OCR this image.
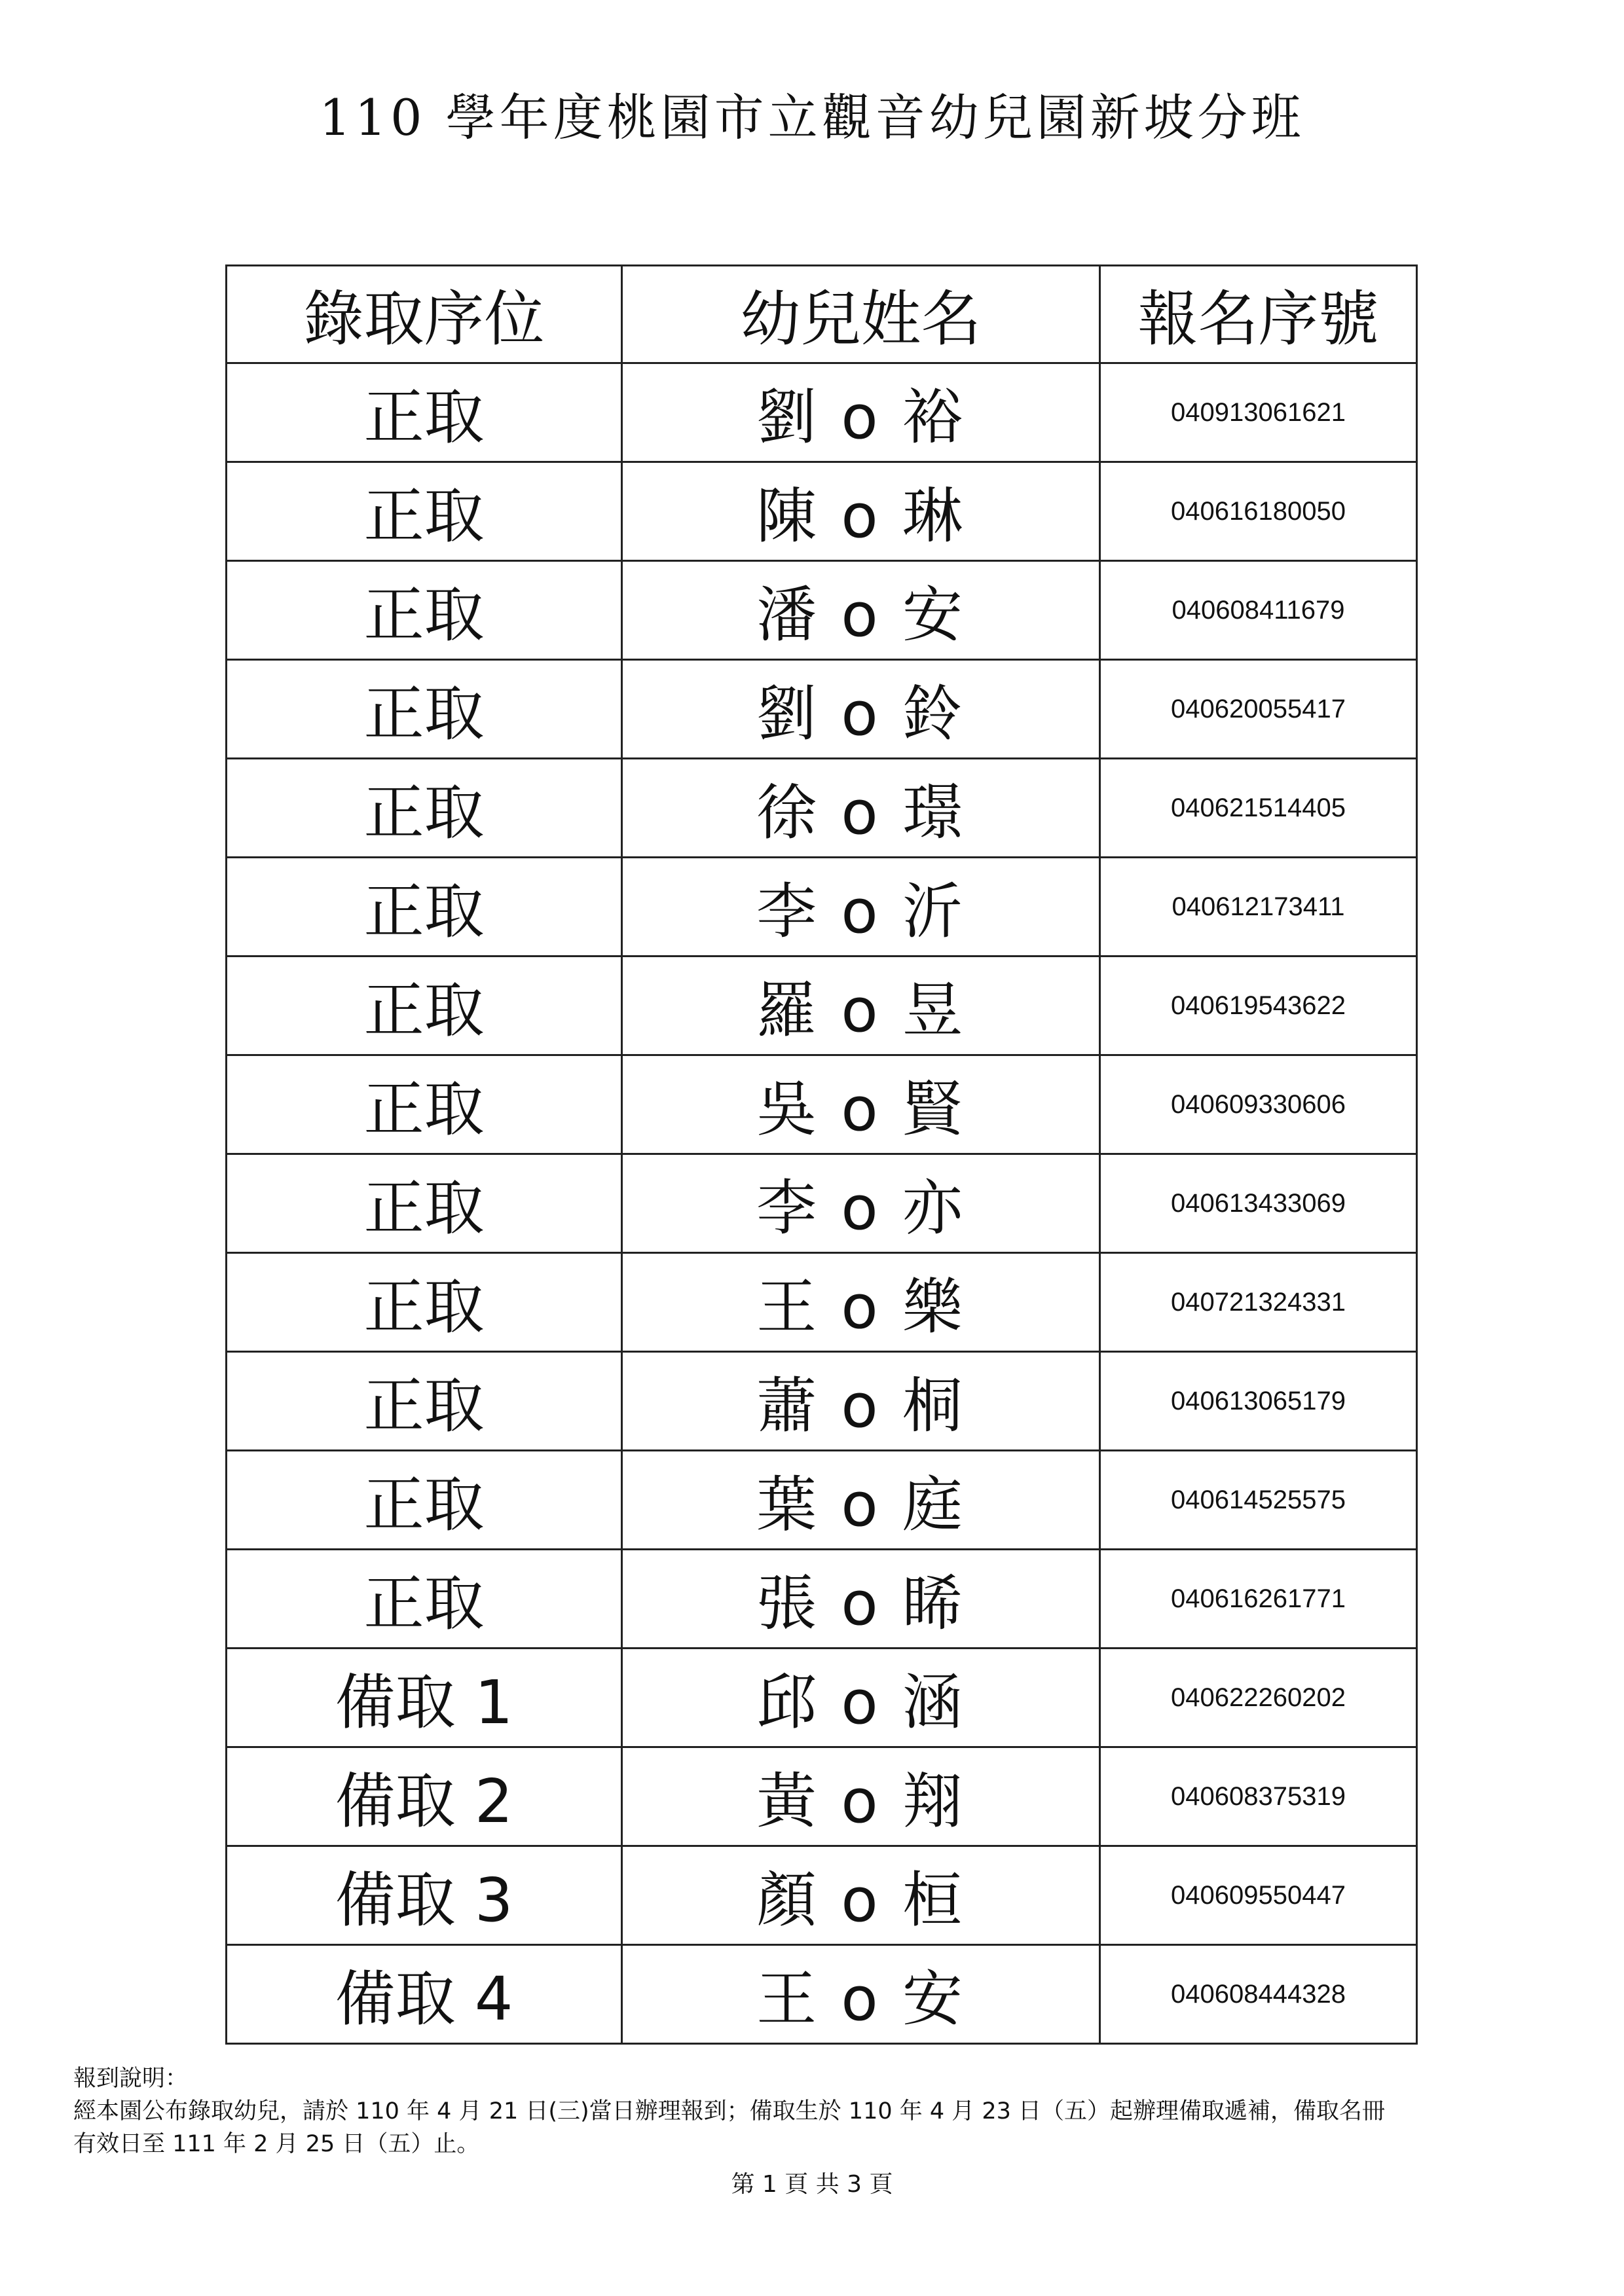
110 學年度桃園市立觀音幼兒園新坡分班
錄取序位	幼兒姓名	報名序號
正取	劉 o 裕	040913061621
正取	陳 o 琳	040616180050
正取	潘 o 安	040608411679
正取	劉 o 鈴	040620055417
正取	徐 o 璟	040621514405
正取	李 o 沂	040612173411
正取	羅 o 昱	040619543622
正取	吳 o 賢	040609330606
正取	李 o 亦	040613433069
正取	王 o 樂	040721324331
正取	蕭 o 桐	040613065179
正取	葉 o 庭	040614525575
正取	張 o 睎	040616261771
備取 1	邱 o 涵	040622260202
備取 2	黃 o 翔	040608375319
備取 3	顏 o 桓	040609550447
備取 4	王 o 安	040608444328
報到說明：
經本園公布錄取幼兒，請於 110 年 4 月 21 日(三)當日辦理報到；備取生於 110 年 4 月 23 日（五）起辦理備取遞補，備取名冊
有效日至 111 年 2 月 25 日（五）止。
第 1 頁 共 3 頁
